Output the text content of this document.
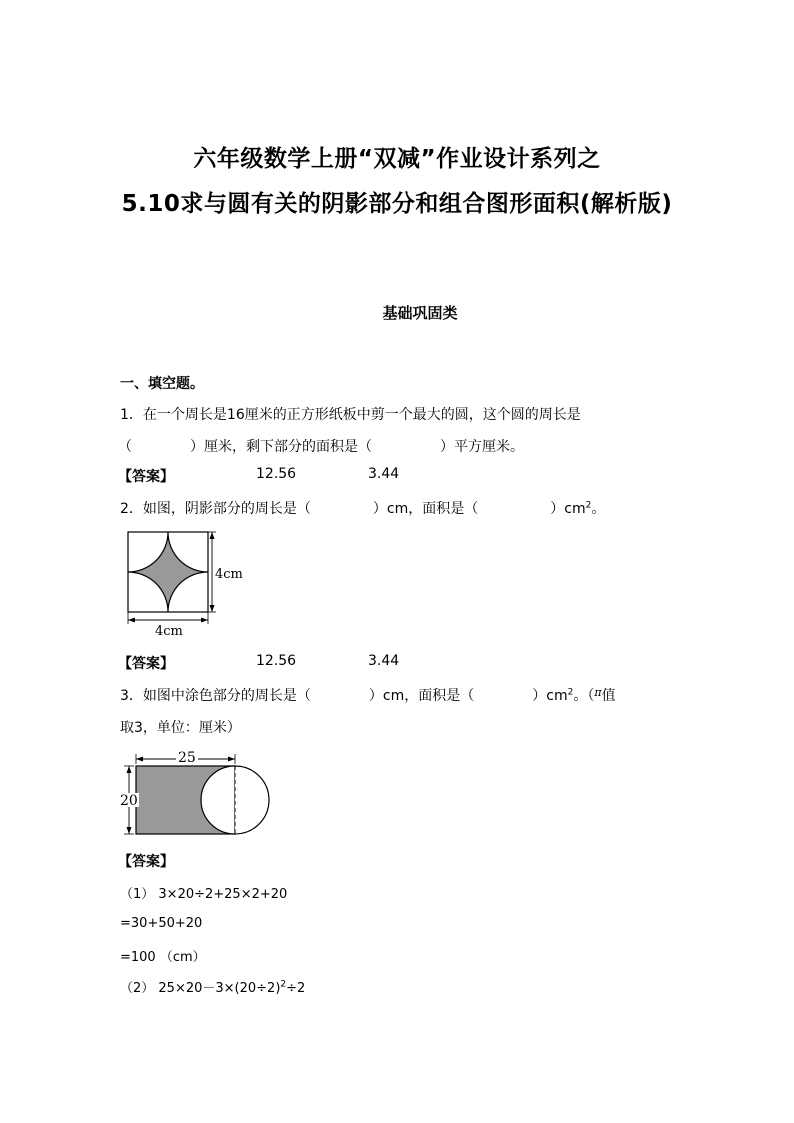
六年级数学上册“双减”作业设计系列之
5.10求与圆有关的阴影部分和组合图形面积(解析版)
基础巩固类
一、填空题。
1．在一个周长是16厘米的正方形纸板中剪一个最大的圆，这个圆的周长是
（	）厘米，剩下部分的面积是（	）平方厘米。
【答案】	12.56	3.44
2．如图，阴影部分的周长是（	）cm，面积是（	）$cm^2$。
4cm
4cm
【答案】	12.56	3.44
3．如图中涂色部分的周长是（	）cm，面积是（	）$cm^2$。（$^\pi$值
取3，单位：厘米）
25
20
【答案】
（1） 3×20÷2+25×2+20
=30+50+20
=100 （cm）
（2） $25\times 20-3\times(20\div 2)^2\div 2$
